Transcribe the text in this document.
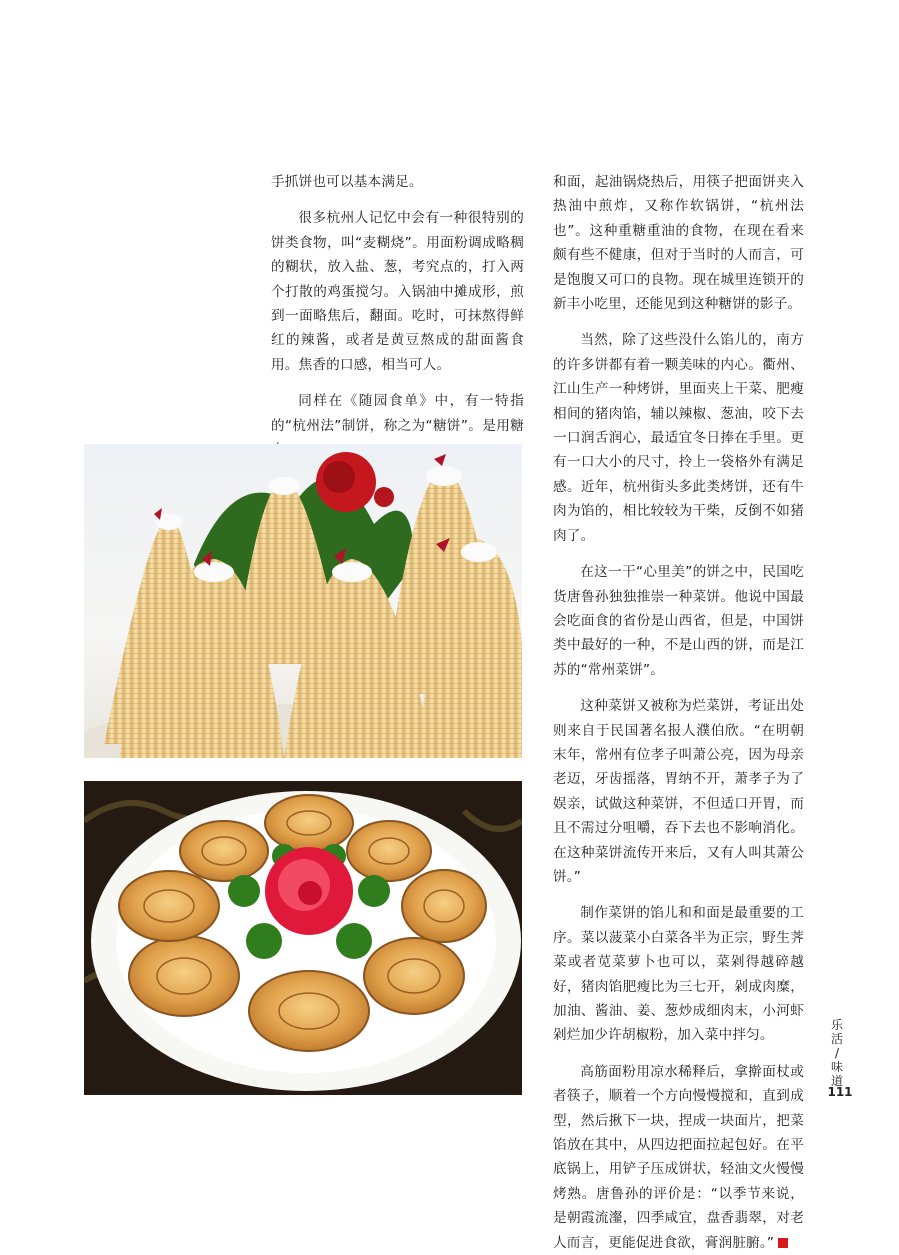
手抓饼也可以基本满足。

很多杭州人记忆中会有一种很特别的饼类食物，叫“麦糊烧”。用面粉调成略稠的糊状，放入盐、葱，考究点的，打入两个打散的鸡蛋搅匀。入锅油中摊成形，煎到一面略焦后，翻面。吃时，可抹熬得鲜红的辣酱，或者是黄豆熬成的甜面酱食用。焦香的口感，相当可人。

同样在《随园食单》中，有一特指的“杭州法”制饼，称之为“糖饼”。是用糖

和面，起油锅烧热后，用筷子把面饼夹入热油中煎炸，又称作软锅饼，“杭州法也”。这种重糖重油的食物，在现在看来颇有些不健康，但对于当时的人而言，可是饱腹又可口的良物。现在城里连锁开的新丰小吃里，还能见到这种糖饼的影子。

当然，除了这些没什么馅儿的，南方的许多饼都有着一颗美味的内心。衢州、江山生产一种烤饼，里面夹上干菜、肥瘦相间的猪肉馅，辅以辣椒、葱油，咬下去一口润舌润心，最适宜冬日捧在手里。更有一口大小的尺寸，拎上一袋格外有满足感。近年，杭州街头多此类烤饼，还有牛肉为馅的，相比较较为干柴，反倒不如猪肉了。

在这一干“心里美”的饼之中，民国吃货唐鲁孙独独推崇一种菜饼。他说中国最会吃面食的省份是山西省，但是，中国饼类中最好的一种，不是山西的饼，而是江苏的“常州菜饼”。

这种菜饼又被称为烂菜饼，考证出处则来自于民国著名报人濮伯欣。“在明朝末年，常州有位孝子叫萧公亮，因为母亲老迈，牙齿摇落，胃纳不开，萧孝子为了娱亲，试做这种菜饼，不但适口开胃，而且不需过分咀嚼，吞下去也不影响消化。在这种菜饼流传开来后，又有人叫其萧公饼。”

制作菜饼的馅儿和和面是最重要的工序。菜以菠菜小白菜各半为正宗，野生荠菜或者苋菜萝卜也可以，菜剁得越碎越好，猪肉馅肥瘦比为三七开，剁成肉糜，加油、酱油、姜、葱炒成细肉末，小河虾剁烂加少许胡椒粉，加入菜中拌匀。

高筋面粉用凉水稀释后，拿擀面杖或者筷子，顺着一个方向慢慢搅和，直到成型，然后揪下一块，捏成一块面片，把菜馅放在其中，从四边把面拉起包好。在平底锅上，用铲子压成饼状，轻油文火慢慢烤熟。唐鲁孙的评价是：“以季节来说，是朝霞流瀣，四季咸宜，盘香翡翠，对老人而言，更能促进食欲，膏润脏腑。”

乐活
/
味道
111
